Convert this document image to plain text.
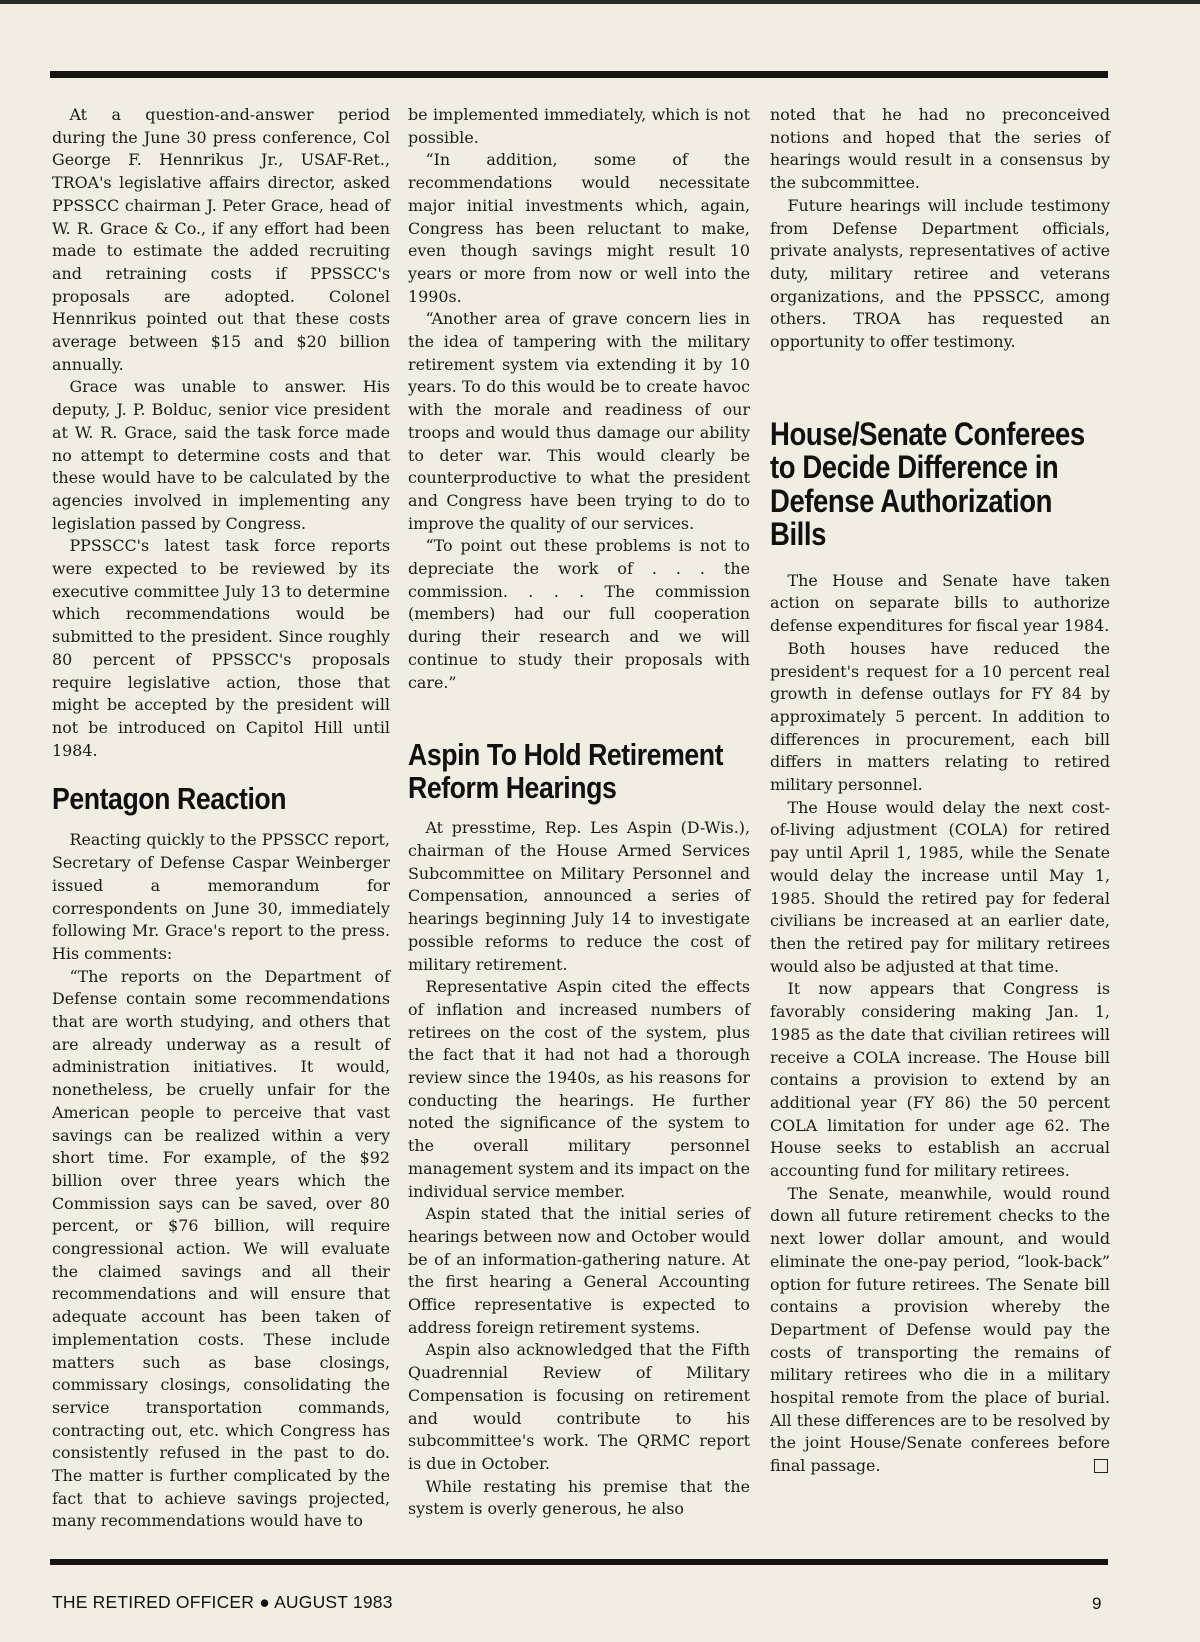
At a question-and-answer period during the June 30 press conference, Col George F. Hennrikus Jr., USAF-Ret., TROA's legislative affairs director, asked PPSSCC chairman J. Peter Grace, head of W. R. Grace & Co., if any effort had been made to estimate the added recruiting and retraining costs if PPSSCC's proposals are adopted. Colonel Hennrikus pointed out that these costs average between $15 and $20 billion annually.

Grace was unable to answer. His deputy, J. P. Bolduc, senior vice president at W. R. Grace, said the task force made no attempt to determine costs and that these would have to be calculated by the agencies involved in implementing any legislation passed by Congress.

PPSSCC's latest task force reports were expected to be reviewed by its executive committee July 13 to determine which recommendations would be submitted to the president. Since roughly 80 percent of PPSSCC's proposals require legislative action, those that might be accepted by the president will not be introduced on Capitol Hill until 1984.

Pentagon Reaction

Reacting quickly to the PPSSCC report, Secretary of Defense Caspar Weinberger issued a memorandum for correspondents on June 30, immediately following Mr. Grace's report to the press. His comments:

“The reports on the Department of Defense contain some recommendations that are worth studying, and others that are already underway as a result of administration initiatives. It would, nonetheless, be cruelly unfair for the American people to perceive that vast savings can be realized within a very short time. For example, of the $92 billion over three years which the Commission says can be saved, over 80 percent, or $76 billion, will require congressional action. We will evaluate the claimed savings and all their recommendations and will ensure that adequate account has been taken of implementation costs. These include matters such as base closings, commissary closings, consolidating the service transportation commands, contracting out, etc. which Congress has consistently refused in the past to do. The matter is further complicated by the fact that to achieve savings projected, many recommendations would have to

be implemented immediately, which is not possible.

“In addition, some of the recommendations would necessitate major initial investments which, again, Congress has been reluctant to make, even though savings might result 10 years or more from now or well into the 1990s.

“Another area of grave concern lies in the idea of tampering with the military retirement system via extending it by 10 years. To do this would be to create havoc with the morale and readiness of our troops and would thus damage our ability to deter war. This would clearly be counterproductive to what the president and Congress have been trying to do to improve the quality of our services.

“To point out these problems is not to depreciate the work of . . . the commission. . . . The commission (members) had our full cooperation during their research and we will continue to study their proposals with care.”

Aspin To Hold Retirement Reform Hearings

At presstime, Rep. Les Aspin (D-Wis.), chairman of the House Armed Services Subcommittee on Military Personnel and Compensation, announced a series of hearings beginning July 14 to investigate possible reforms to reduce the cost of military retirement.

Representative Aspin cited the effects of inflation and increased numbers of retirees on the cost of the system, plus the fact that it had not had a thorough review since the 1940s, as his reasons for conducting the hearings. He further noted the significance of the system to the overall military personnel management system and its impact on the individual service member.

Aspin stated that the initial series of hearings between now and October would be of an information-gathering nature. At the first hearing a General Accounting Office representative is expected to address foreign retirement systems.

Aspin also acknowledged that the Fifth Quadrennial Review of Military Compensation is focusing on retirement and would contribute to his subcommittee's work. The QRMC report is due in October.

While restating his premise that the system is overly generous, he also

noted that he had no preconceived notions and hoped that the series of hearings would result in a consensus by the subcommittee.

Future hearings will include testimony from Defense Department officials, private analysts, representatives of active duty, military retiree and veterans organizations, and the PPSSCC, among others. TROA has requested an opportunity to offer testimony.

House/Senate Conferees to Decide Difference in Defense Authorization Bills

The House and Senate have taken action on separate bills to authorize defense expenditures for fiscal year 1984.

Both houses have reduced the president's request for a 10 percent real growth in defense outlays for FY 84 by approximately 5 percent. In addition to differences in procurement, each bill differs in matters relating to retired military personnel.

The House would delay the next cost-of-living adjustment (COLA) for retired pay until April 1, 1985, while the Senate would delay the increase until May 1, 1985. Should the retired pay for federal civilians be increased at an earlier date, then the retired pay for military retirees would also be adjusted at that time.

It now appears that Congress is favorably considering making Jan. 1, 1985 as the date that civilian retirees will receive a COLA increase. The House bill contains a provision to extend by an additional year (FY 86) the 50 percent COLA limitation for under age 62. The House seeks to establish an accrual accounting fund for military retirees.

The Senate, meanwhile, would round down all future retirement checks to the next lower dollar amount, and would eliminate the one-pay period, “look-back” option for future retirees. The Senate bill contains a provision whereby the Department of Defense would pay the costs of transporting the remains of military retirees who die in a military hospital remote from the place of burial. All these differences are to be resolved by the joint House/Senate conferees before final passage.

THE RETIRED OFFICER ● AUGUST 1983	9
